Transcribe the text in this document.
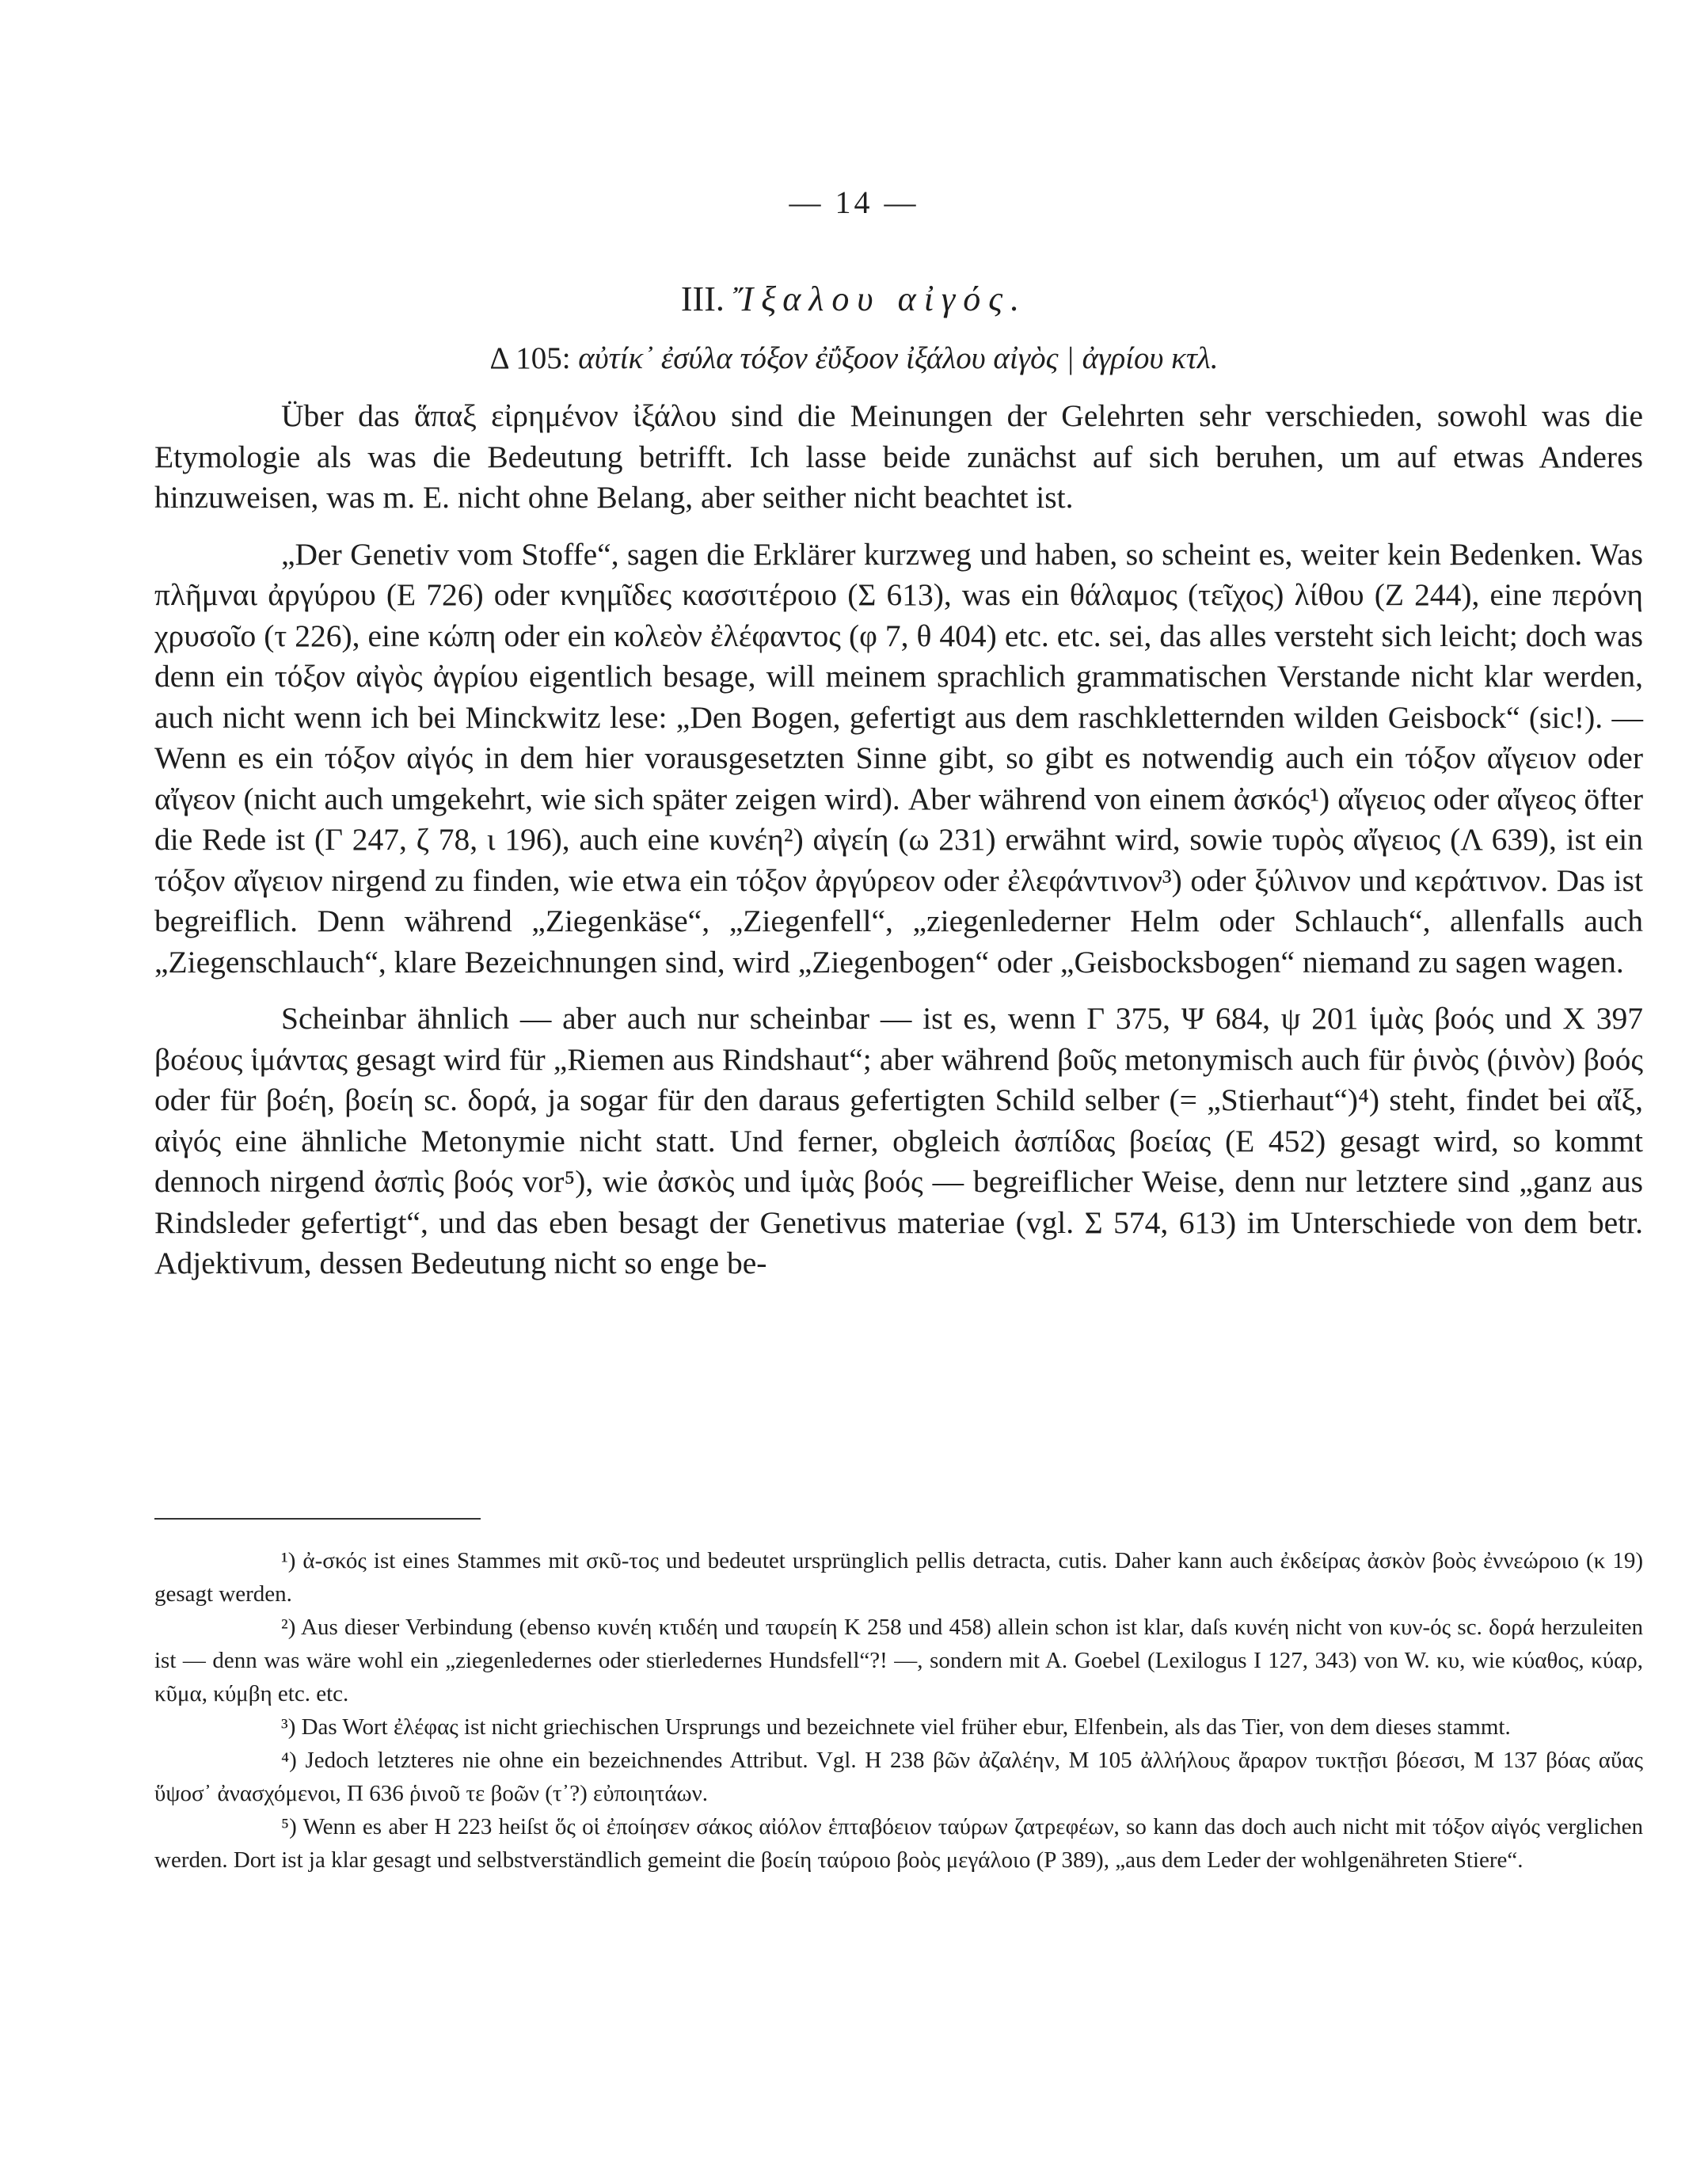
— 14 —
III. Ἴξαλου αἰγός.
Δ 105: αὐτίκ᾽ ἐσύλα τόξον ἐΰξοον ἰξάλου αἰγὸς | ἀγρίου κτλ.

Über das ἅπαξ εἰρημένον ἰξάλου sind die Meinungen der Gelehrten sehr verschieden, sowohl was die Etymologie als was die Bedeutung betrifft. Ich lasse beide zunächst auf sich beruhen, um auf etwas Anderes hinzuweisen, was m. E. nicht ohne Belang, aber seither nicht beachtet ist.

„Der Genetiv vom Stoffe“, sagen die Erklärer kurzweg und haben, so scheint es, weiter kein Bedenken. Was πλῆμναι ἀργύρου (E 726) oder κνημῖδες κασσιτέροιο (Σ 613), was ein θάλαμος (τεῖχος) λίθου (Z 244), eine περόνη χρυσοῖο (τ 226), eine κώπη oder ein κολεὸν ἐλέφαντος (φ 7, θ 404) etc. etc. sei, das alles versteht sich leicht; doch was denn ein τόξον αἰγὸς ἀγρίου eigentlich besage, will meinem sprachlich grammatischen Verstande nicht klar werden, auch nicht wenn ich bei Minckwitz lese: „Den Bogen, gefertigt aus dem raschkletternden wilden Geisbock“ (sic!). — Wenn es ein τόξον αἰγός in dem hier vorausgesetzten Sinne gibt, so gibt es notwendig auch ein τόξον αἴγειον oder αἴγεον (nicht auch umgekehrt, wie sich später zeigen wird). Aber während von einem ἀσκός¹) αἴγειος oder αἴγεος öfter die Rede ist (Γ 247, ζ 78, ι 196), auch eine κυνέη²) αἰγείη (ω 231) erwähnt wird, sowie τυρὸς αἴγειος (Λ 639), ist ein τόξον αἴγειον nirgend zu finden, wie etwa ein τόξον ἀργύρεον oder ἐλεφάντινον³) oder ξύλινον und κεράτινον. Das ist begreiflich. Denn während „Ziegenkäse“, „Ziegenfell“, „ziegenlederner Helm oder Schlauch“, allenfalls auch „Ziegenschlauch“, klare Bezeichnungen sind, wird „Ziegenbogen“ oder „Geisbocksbogen“ niemand zu sagen wagen.

Scheinbar ähnlich — aber auch nur scheinbar — ist es, wenn Γ 375, Ψ 684, ψ 201 ἱμὰς βοός und X 397 βοέους ἱμάντας gesagt wird für „Riemen aus Rindshaut“; aber während βοῦς metonymisch auch für ῥινὸς (ῥινὸν) βοός oder für βοέη, βοείη sc. δορά, ja sogar für den daraus gefertigten Schild selber (= „Stierhaut“)⁴) steht, findet bei αἴξ, αἰγός eine ähnliche Metonymie nicht statt. Und ferner, obgleich ἀσπίδας βοείας (E 452) gesagt wird, so kommt dennoch nirgend ἀσπὶς βοός vor⁵), wie ἀσκὸς und ἱμὰς βοός — begreiflicher Weise, denn nur letztere sind „ganz aus Rindsleder gefertigt“, und das eben besagt der Genetivus materiae (vgl. Σ 574, 613) im Unterschiede von dem betr. Adjektivum, dessen Bedeutung nicht so enge be-

¹) ἀ-σκός ist eines Stammes mit σκῦ-τος und bedeutet ursprünglich pellis detracta, cutis. Daher kann auch ἐκδείρας ἀσκὸν βοὸς ἐννεώροιο (κ 19) gesagt werden.

²) Aus dieser Verbindung (ebenso κυνέη κτιδέη und ταυρείη K 258 und 458) allein schon ist klar, daſs κυνέη nicht von κυν-ός sc. δορά herzuleiten ist — denn was wäre wohl ein „ziegenledernes oder stierledernes Hundsfell“?! —, sondern mit A. Goebel (Lexilogus I 127, 343) von W. κυ, wie κύαθος, κύαρ, κῦμα, κύμβη etc. etc.

³) Das Wort ἐλέφας ist nicht griechischen Ursprungs und bezeichnete viel früher ebur, Elfenbein, als das Tier, von dem dieses stammt.

⁴) Jedoch letzteres nie ohne ein bezeichnendes Attribut. Vgl. H 238 βῶν ἀζαλέην, M 105 ἀλλήλους ἄραρον τυκτῇσι βόεσσι, M 137 βόας αὔας ὕψοσ᾽ ἀνασχόμενοι, Π 636 ῥινοῦ τε βοῶν (τ᾽?) εὐποιητάων.

⁵) Wenn es aber H 223 heiſst ὅς οἱ ἐποίησεν σάκος αἰόλον ἑπταβόειον ταύρων ζατρεφέων, so kann das doch auch nicht mit τόξον αἰγός verglichen werden. Dort ist ja klar gesagt und selbstverständlich gemeint die βοείη ταύροιο βοὸς μεγάλοιο (P 389), „aus dem Leder der wohlgenähreten Stiere“.
